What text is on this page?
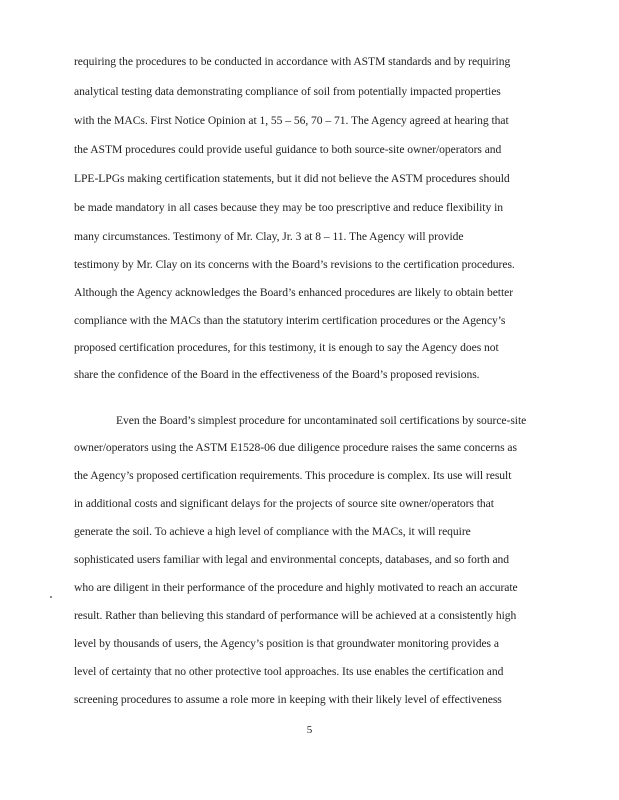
requiring the procedures to be conducted in accordance with ASTM standards and by requiring
analytical testing data demonstrating compliance of soil from potentially impacted properties
with the MACs. First Notice Opinion at 1, 55 – 56, 70 – 71. The Agency agreed at hearing that
the ASTM procedures could provide useful guidance to both source-site owner/operators and
LPE-LPGs making certification statements, but it did not believe the ASTM procedures should
be made mandatory in all cases because they may be too prescriptive and reduce flexibility in
many circumstances. Testimony of Mr. Clay, Jr. 3 at 8 – 11. The Agency will provide
testimony by Mr. Clay on its concerns with the Board’s revisions to the certification procedures.
Although the Agency acknowledges the Board’s enhanced procedures are likely to obtain better
compliance with the MACs than the statutory interim certification procedures or the Agency’s
proposed certification procedures, for this testimony, it is enough to say the Agency does not
share the confidence of the Board in the effectiveness of the Board’s proposed revisions.
Even the Board’s simplest procedure for uncontaminated soil certifications by source-site
owner/operators using the ASTM E1528-06 due diligence procedure raises the same concerns as
the Agency’s proposed certification requirements. This procedure is complex. Its use will result
in additional costs and significant delays for the projects of source site owner/operators that
generate the soil. To achieve a high level of compliance with the MACs, it will require
sophisticated users familiar with legal and environmental concepts, databases, and so forth and
who are diligent in their performance of the procedure and highly motivated to reach an accurate
result. Rather than believing this standard of performance will be achieved at a consistently high
level by thousands of users, the Agency’s position is that groundwater monitoring provides a
level of certainty that no other protective tool approaches. Its use enables the certification and
screening procedures to assume a role more in keeping with their likely level of effectiveness
5
